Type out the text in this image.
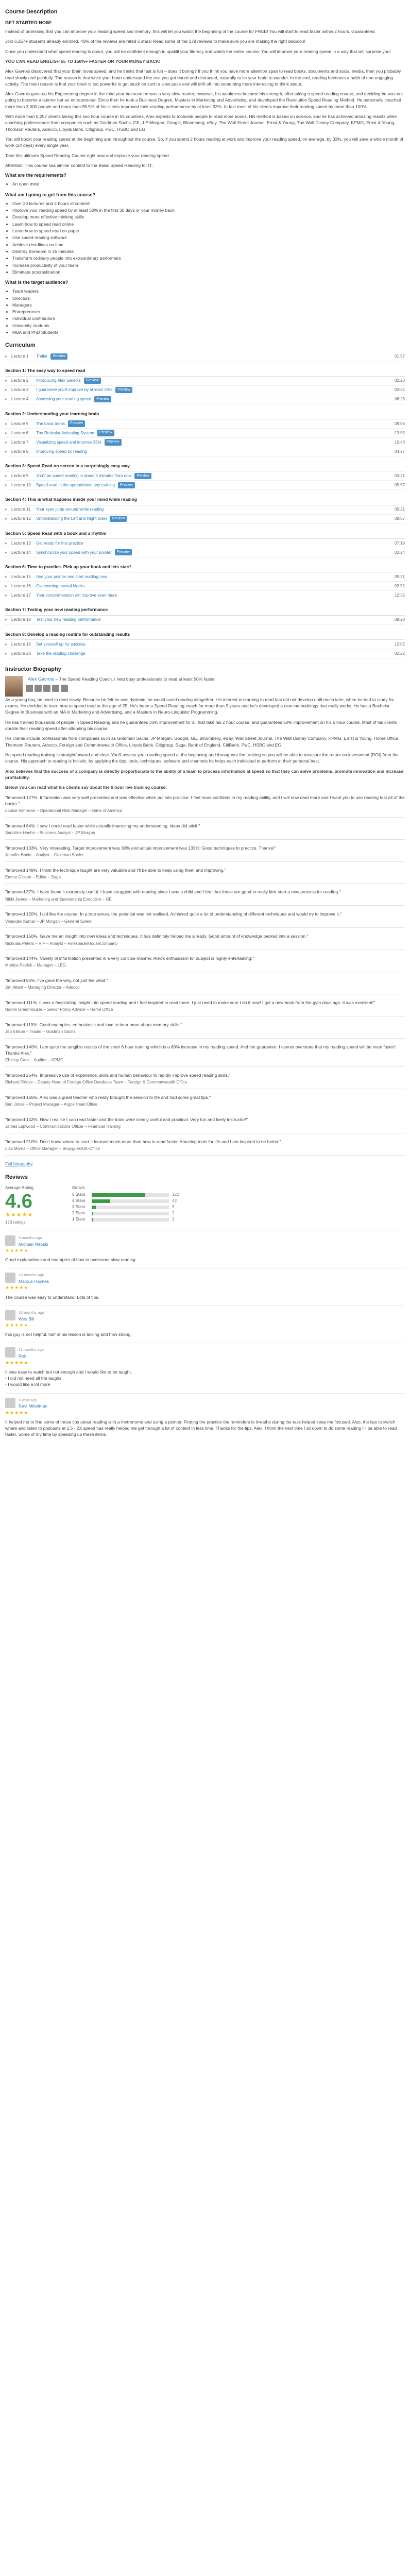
Course Description
GET STARTED NOW!

Instead of promising that you can improve your reading speed and memory, this will let you watch the beginning of the course for FREE! You will start to read faster within 2 hours. Guaranteed.

Join 6,257+ students already enrolled. 40% of the reviews are rated 5 stars! Read some of the 178 reviews to make sure you are making the right decision!

Once you understand what speed reading is about, you will be confident enough to upskill your literacy and watch the entire course. You will improve your reading speed in a way that will surprise you!

YOU CAN READ ENGLISH 55 TO 150%+ FASTER OR YOUR MONEY BACK!

Alex Gavrois discovered that your brain loves speed, and he thinks that fast is fun – does it boring? If you think you have more attention span to read books, documents and social media, then you probably read slowly and painfully. The reason is that while your brain understand the text you get bored and distracted, naturally to let your brain to wander. In the end, reading becomes a habit of non-engaging activity. The main reason is that your brain is too powerful to get stuck on such a slow pace and will drift off into something more interesting to think about.

Alex Gavrois gave up his Engineering degree in the third year because he was a very slow reader, however, his weakness became his strength, after taking a speed reading course, and deciding he was not going to become a laborer but an entrepreneur. Since then he took a Business Degree, Masters in Marketing and Advertising, and developed the Revolution Speed Reading Method. He personally coached more than 3,000 people and more than 98.5% of his clients improved their reading performance by at least 33%. In fact most of his clients improve their reading speed by more than 100%.

With more than 8,257 clients taking this two hour course in 55 countries, Alex expects to motivate people to read more books. His method is based on science, and he has achieved amazing results while coaching professionals from companies such as Goldman Sachs, GE, J.P Morgan, Google, Bloomberg, eBay, The Wall Street Journal, Ernst & Young, The Walt Disney Company, KPMG, Ernst & Young, Thomson Reuters, Adecco, Lloyds Bank, Citigroup, PwC, HSBC and EG.

You will boost your reading speed at the beginning and throughout the course. So, if you spend 2 hours reading at work and improve your reading speed, on average, by 33%, you will save a whole month of work (24 days) every single year.

Take this ultimate Speed Reading Course right now and improve your reading speed.

Attention: This course has similar content to the Basic Speed Reading for IT.

What are the requirements?
• An open mind
What am I going to get from this course?
• Over 20 lectures and 2 hours of content!
• Improve your reading speed by at least 50% in the first 30 days or your money back
• Develop more effective thinking skills
• Learn how to speed read online
• Learn how to speed read on paper
• Use speed reading software
• Achieve deadlines on time
• Destroy Boredom in 15 minutes
• Transform ordinary people into extraordinary performers
• Increase productivity of your team
• Eliminate procrastination
What is the target audience?
• Team leaders
• Directors
• Managers
• Entrepreneurs
• Individual contributors
• University students
• MBA and PhD Students
Curriculum
▸ Lecture 1	Trailer	Preview	01:57
Section 1: The easy way to speed read
▸ Lecture 2	Introducing Alex Gavrois	Preview	02:20
▸ Lecture 3	I guarantee you'll improve by at least 33%	Preview	03:24
▸ Lecture 4	Assessing your reading speed	Preview	06:28
Section 2: Understanding your learning brain
▸ Lecture 5	The basic ideas	Preview	09:06
▸ Lecture 6	The Reticular Activating System	Preview	13:55
▸ Lecture 7	Visualizing speed and improve 33%	Preview	10:43
▸ Lecture 8	Improving speed by reading	04:27
Section 3: Speed Read on screen in a surprisingly easy way
▸ Lecture 9	You'll be speed reading in about 5 minutes from now	Preview	03:21
▸ Lecture 10	Speed read in the spreadsheet any training	Preview	05:57
Section 4: This is what happens inside your mind while reading
▸ Lecture 11	Your eyes jump around while reading	05:21
▸ Lecture 12	Understanding the Left and Right brain	Preview	08:57
Section 5: Speed Read with a book and a rhythm
▸ Lecture 13	Get ready for this practice	07:19
▸ Lecture 14	Synchronize your speed with your pointer	Preview	03:24
Section 6: Time to practice. Pick up your book and lets start!
▸ Lecture 15	Use your pointer and start reading now	05:21
▸ Lecture 16	Overcoming mental blocks	02:52
▸ Lecture 17	Your comprehension will improve even more	12:32
Section 7: Testing your new reading performance
▸ Lecture 18	Test your new reading performance	08:20
Section 8: Develop a reading routine for outstanding results
▸ Lecture 19	Set yourself up for success	12:02
▸ Lecture 20	Take the reading challenge	02:22
Instructor Biography
Alex Gavrois – The Speed Reading Coach. I help busy professionals to read at least 50% faster

As a young boy, he used to read slowly. Because he felt he was dyslexic, he would avoid reading altogether. His interest in learning to read fast did not develop until much later, when he had to study for exams. He decided to learn how to speed read at the age of 25. He's been a Speed Reading coach for more than 9 years and he's developed a new methodology that really works. He has a Bachelor Degree in Business with an MA in Marketing and Advertising, and a Masters in Neuro-Linguistic Programming.

He has trained thousands of people in Speed Reading and he guarantees 33% improvement for all that take his 2 hour course, and guarantees 50% improvement on his 6 hour course. Most of his clients double their reading speed after attending his course.

His clients include professionals from companies such as Goldman Sachs, JP Morgan, Google, GE, Bloomberg, eBay, Wall Street Journal, The Walt Disney Company, KPMG, Ernst & Young, Home Office, Thomson Reuters, Adecco, Foreign and Commonwealth Office, Lloyds Bank, Citigroup, Saga, Bank of England, CitiBank, PwC, HSBC and EG.

He speed reading training is straightforward and clear. You'll assess your reading speed at the beginning and throughout the training so you will be able to measure the return on investment (ROI) from the course. His approach to reading is holistic, by applying the tips, tools, techniques, software and channels he helps each individual to perform at their personal best.

Alex believes that the success of a company is directly proportionate to the ability of a team to process information at speed so that they can solve problems, promote innovation and increase profitability.

Below you can read what his clients say about the 6 hour live training course:

"Improved 127%. Information was very well presented and was effective when put into practice. I feel more confident in my reading ability, and I will now read more and I want you to use reading fast all of the books."

Louise Simpkins – Operational Risk Manager – Bank of America

"Improved 84%. I saw I could read faster while actually improving my understanding, ideas did stick."

Sandrine Hoehn – Business Analyst – JP Morgan

"Improved 133%. Very interesting. Target improvement was 30% and actual improvement was 133%! Good techniques to practice. Thanks!"

Jennifer Bodie – Analyst – Goldman Sachs

"Improved 148%. I think the technique taught are very valuable and I'll be able to keep using them and improving."

Emma Gibson – Editor – Saga

"Improved 37%. I have found it extremely useful. I have struggled with reading since I was a child and I feel that these are good to really kick start a new process for reading."

Nikki James – Marketing and Sponsorship Executive – GE

"Improved 120%. I did like the course. In a true sense, the potential was not realised. Achieved quite a lot of understanding of different techniques and would try to improve it."

Vinaydev Kumar – JP Morgan – General Sweet

"Improved 150%. Gave me an insight into new ideas and techniques. It has definitely helped me already. Good amount of knowledge packed into a session."

Nicholas Peters – VIP – Analyst – Fineshade/HouseCompany

"Improved 144%. Variety of information presented in a very concise manner. Alex's enthusiasm for subject is highly entertaining."

Monica Patrick – Manager – LBG

"Improved 85%. I've gave the why, not just the what."

Jim Albert – Managing Director – Adecco

"Improved 111%. It was a fascinating insight into speed reading and I feel inspired to read more. I just need to make sure I do it now! I got a new book from the gym days ago. It was excellent!"

Naomi Greenhouser – Senior Policy Advisor – Home Office

"Improved 110%. Good examples, enthusiastic and love to hear more about memory skills."

Jeb Ellison – Trader – Goldman Sachs

"Improved 140%. I am quite the tangible results of the short 6 hour training which is a 89% increase in my reading speed. And the guarantee: I cannot overstate that my reading speed will be even faster! Thanks Alex."

Chrissy Cass – Auditor – KPMG

"Improved 264%. Impressive use of experience, skills and human behaviour to rapidly improve speed reading skills."

Richard Pitlove – Deputy Head of Foreign Office Database Team – Foreign & Commonwealth Office

"Improved 165%. Alex was a great teacher who really brought the session to life and had some great tips."

Ben Jones – Project Manager – Argos Head Office

"Improved 142%. Now I realise I can read faster and the tools were clearly useful and practical. Very fun and lively instructor!"

James Lapwood – Communications Officer – Financial Training

"Improved 210%. Don't know where to start. I learned much more than how to read faster. Amazing tools for life and I am inspired to be better."

Lisa Morris – Office Manager – Bouygues/UK-Office
Full biography
Reviews
Average Rating
4.6
★★★★★
178 ratings
Details
5 Stars	122
4 Stars	43
3 Stars	9
2 Stars	2
1 Stars	2
9 months ago
Michael Wroski
★★★★★
Good explanations and examples of how to overcome slow reading.
10 months ago
Marcus Haynes
★★★★★
The course was easy to understand. Lots of tips.
10 months ago
Wes Bill
★★★★★
this guy is not helpful. half of his lesson is talking and how strong.
11 months ago
Rob
★★★★★
It was easy to watch but not enough and I would like to be taught.
- I did not need all the laughs
- I would like a lot more
a year ago
Ravi Mittelman
★★★★★
It helped me to find some of those tips about reading with a metronome and using a pointer. Finding the practice the reminders to breathe during the task helped keep me focused. Also, the tips to switch where and listen to podcasts at 1.5 - 2X speed has really helped me get through a lot of content in less time. Thanks for the tips, Alex. I think the next time I sit down to do some reading I'll be able to read faster. Some of my time by speeding up these items.
